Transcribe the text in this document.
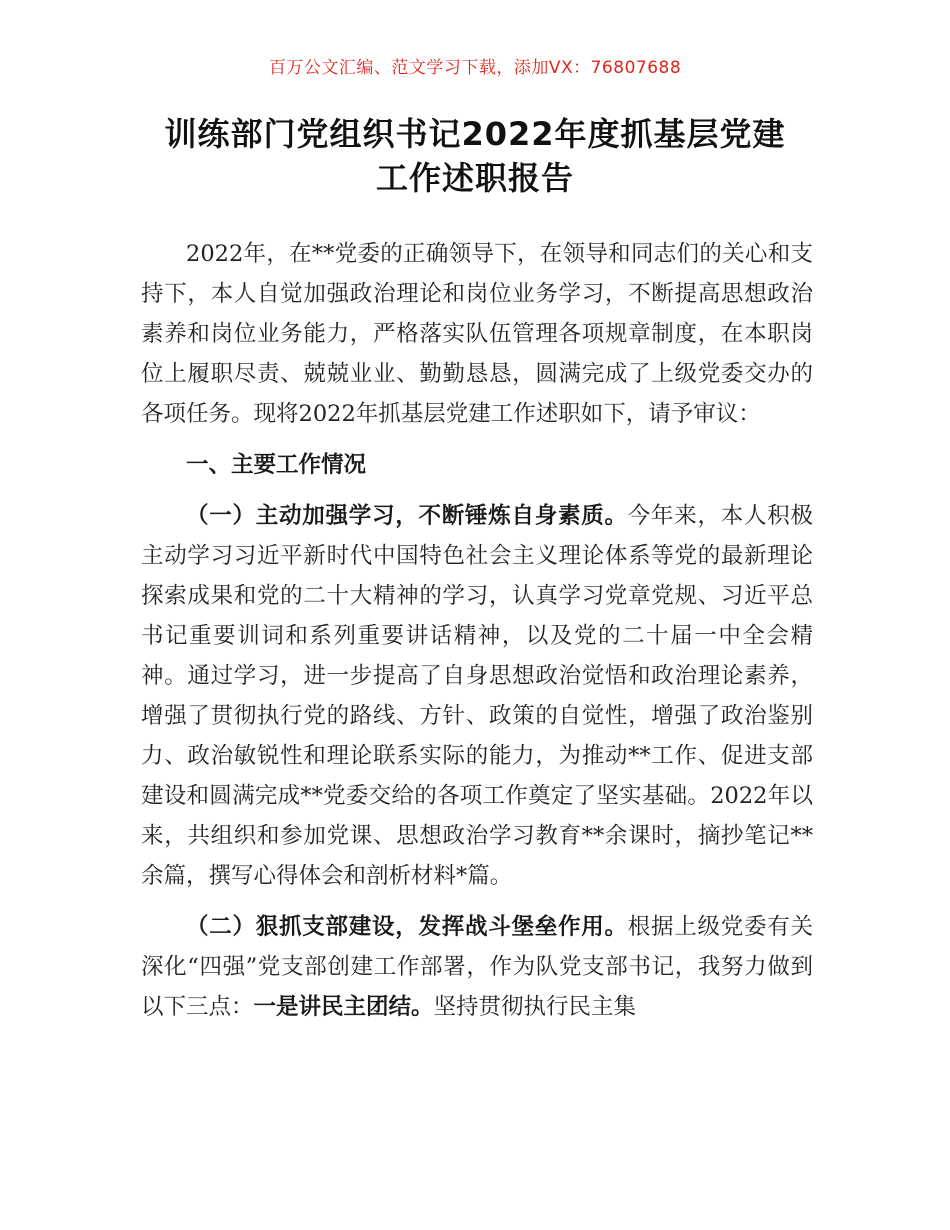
百万公文汇编、范文学习下载，添加VX：76807688
训练部门党组织书记2022年度抓基层党建
工作述职报告

2022年，在**党委的正确领导下，在领导和同志们的关心和支持下，本人自觉加强政治理论和岗位业务学习，不断提高思想政治素养和岗位业务能力，严格落实队伍管理各项规章制度，在本职岗位上履职尽责、兢兢业业、勤勤恳恳，圆满完成了上级党委交办的各项任务。现将2022年抓基层党建工作述职如下，请予审议：

一、主要工作情况

（一）主动加强学习，不断锤炼自身素质。今年来，本人积极主动学习习近平新时代中国特色社会主义理论体系等党的最新理论探索成果和党的二十大精神的学习，认真学习党章党规、习近平总书记重要训词和系列重要讲话精神，以及党的二十届一中全会精神。通过学习，进一步提高了自身思想政治觉悟和政治理论素养，增强了贯彻执行党的路线、方针、政策的自觉性，增强了政治鉴别力、政治敏锐性和理论联系实际的能力，为推动**工作、促进支部建设和圆满完成**党委交给的各项工作奠定了坚实基础。2022年以来，共组织和参加党课、思想政治学习教育**余课时，摘抄笔记**余篇，撰写心得体会和剖析材料*篇。

（二）狠抓支部建设，发挥战斗堡垒作用。根据上级党委有关深化“四强”党支部创建工作部署，作为队党支部书记，我努力做到以下三点：一是讲民主团结。坚持贯彻执行民主集
